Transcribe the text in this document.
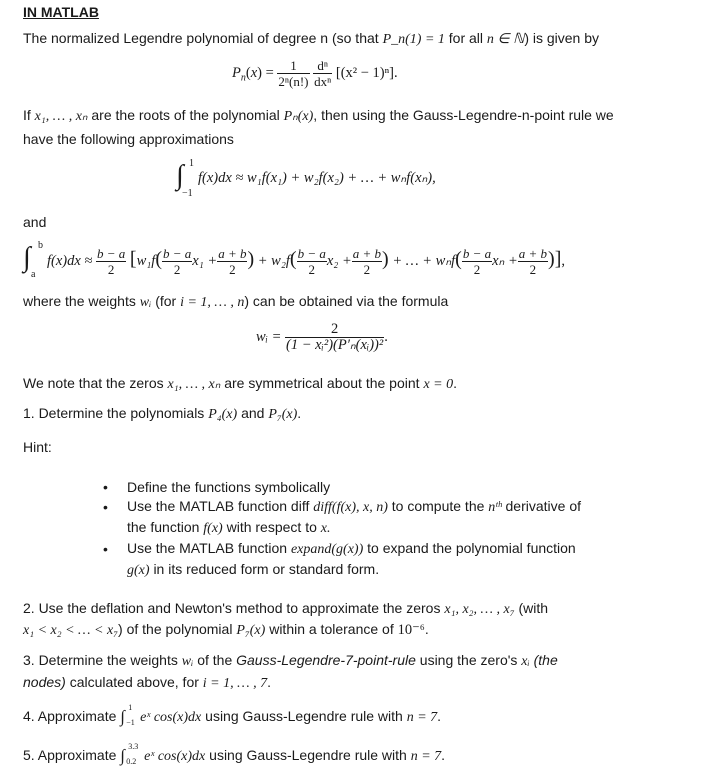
IN MATLAB
The normalized Legendre polynomial of degree n (so that P_n(1) = 1 for all n ∈ ℕ) is given by
$P_n(x) = \frac{1}{\text{2ⁿ(n!)}}$
$\frac{\text{dⁿ}}{\text{dxⁿ}} [(x^2 - 1)^n]$.
If x₁, … , xₙ are the roots of the polynomial Pₙ(x), then using the Gauss-Legendre-n-point rule we
have the following approximations
∫ 1
−1
f(x)dx ≈ w₁f(x₁) + w₂f(x₂) + … + wₙf(xₙ),
and
∫ b
a
$f(x)dx \approx \frac{b - a}{2} [w_1f( \frac{b - a}{2} x_1 + \frac{a + b}{2}$ ) + $w_2f( \frac{b - a}{2} x_2 + \frac{a + b}{2}$ ) + … + $w_nf( \frac{b - a}{2}$ $x_n + \frac{a + b}{2}$ )],
where the weights wᵢ (for i = 1, … , n) can be obtained via the formula
wᵢ = $\frac{2}{\text{(1 − xᵢ²)(P′ₙ(xᵢ))²}}$ .
We note that the zeros x₁, … , xₙ are symmetrical about the point x = 0.
1. Determine the polynomials P₄(x) and P₇(x).
Hint:
• Define the functions symbolically
• Use the MATLAB function diff diff(f(x), x, n) to compute the nᵗʰ derivative of
the function f(x) with respect to x.
• Use the MATLAB function expand(g(x)) to expand the polynomial function
g(x) in its reduced form or standard form.
2. Use the deflation and Newton's method to approximate the zeros x₁, x₂, … , x₇ (with
x₁ < x₂ < … < x₇) of the polynomial P₇(x) within a tolerance of 10⁻⁶.
3. Determine the weights wᵢ of the Gauss-Legendre-7-point-rule using the zero's xᵢ (the
nodes) calculated above, for i = 1, … , 7.
4. Approximate ∫ 1
−1 eˣ cos(x)dx using Gauss-Legendre rule with n = 7.
5. Approximate ∫ 3.3
0.2 eˣ cos(x)dx using Gauss-Legendre rule with n = 7.
